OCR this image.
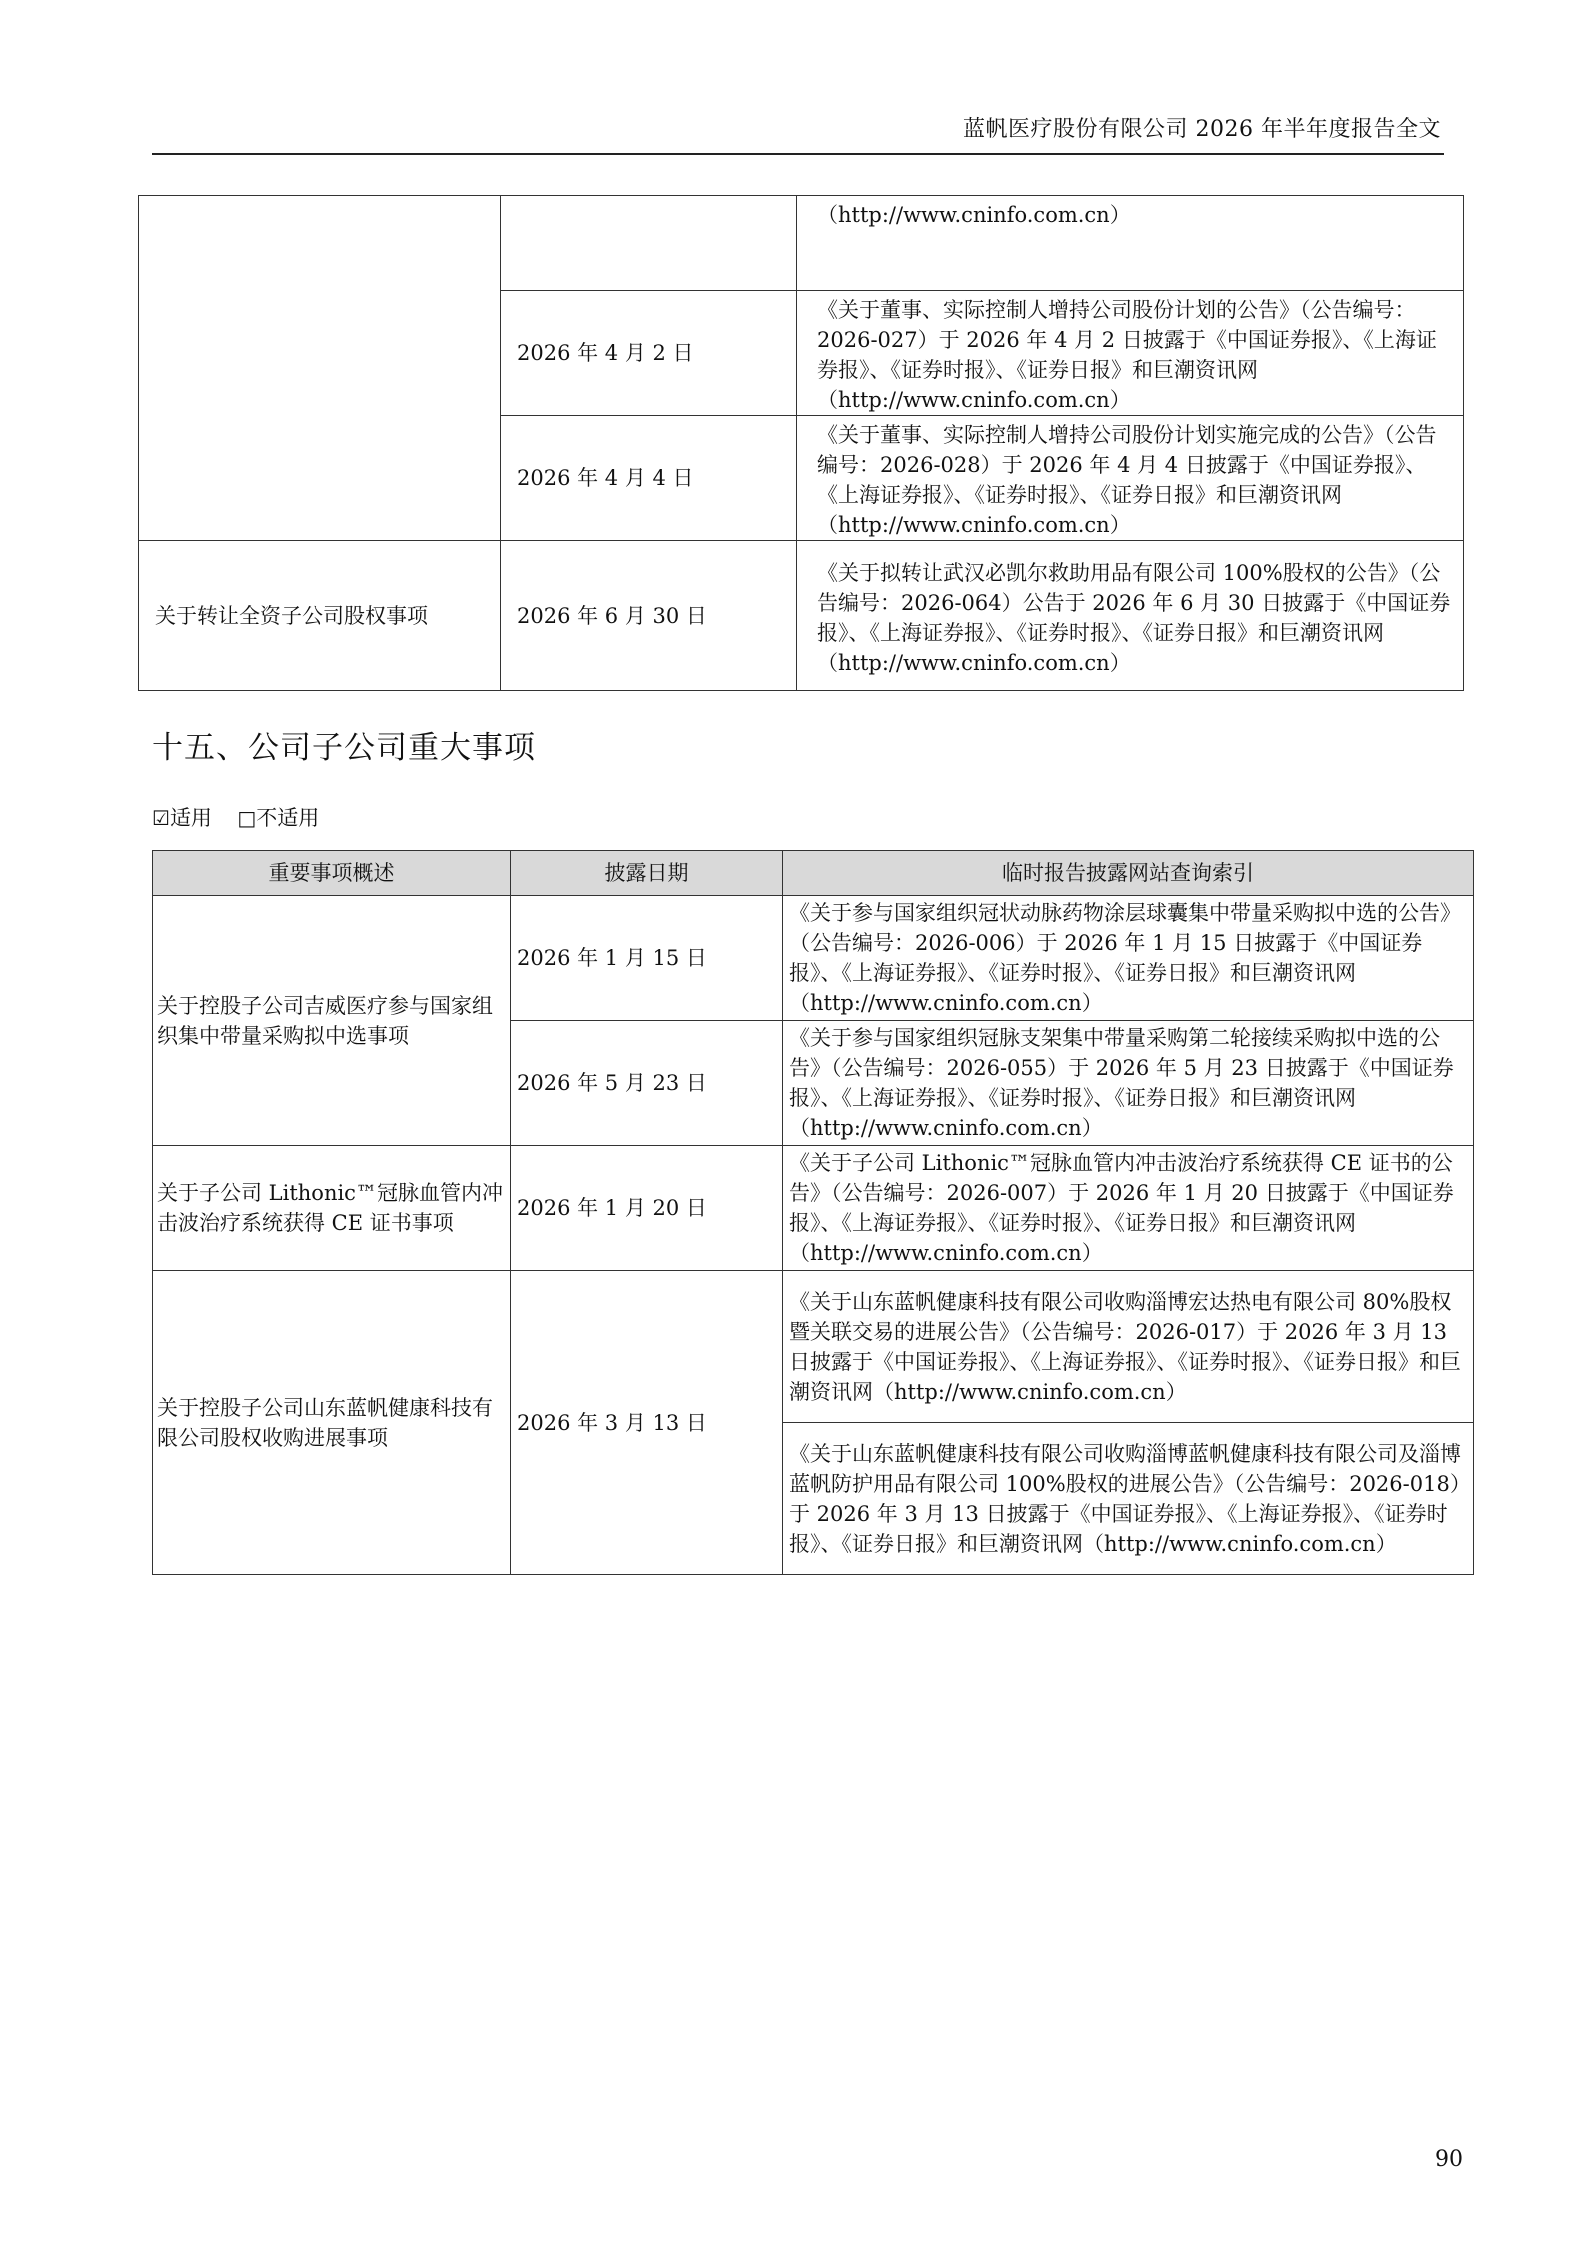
蓝帆医疗股份有限公司 2026 年半年度报告全文
		（http://www.cninfo.com.cn）
	2026 年 4 月 2 日	《关于董事、实际控制人增持公司股份计划的公告》（公告编号：2026-027）于 2026 年 4 月 2 日披露于《中国证券报》、《上海证券报》、《证券时报》、《证券日报》和巨潮资讯网（http://www.cninfo.com.cn）
	2026 年 4 月 4 日	《关于董事、实际控制人增持公司股份计划实施完成的公告》（公告编号：2026-028）于 2026 年 4 月 4 日披露于《中国证券报》、《上海证券报》、《证券时报》、《证券日报》和巨潮资讯网（http://www.cninfo.com.cn）
关于转让全资子公司股权事项	2026 年 6 月 30 日	《关于拟转让武汉必凯尔救助用品有限公司 100%股权的公告》（公告编号：2026-064）公告于 2026 年 6 月 30 日披露于《中国证券报》、《上海证券报》、《证券时报》、《证券日报》和巨潮资讯网（http://www.cninfo.com.cn）
十五、公司子公司重大事项
☑适用 □不适用
重要事项概述	披露日期	临时报告披露网站查询索引
关于控股子公司吉威医疗参与国家组织集中带量采购拟中选事项	2026 年 1 月 15 日	《关于参与国家组织冠状动脉药物涂层球囊集中带量采购拟中选的公告》（公告编号：2026-006）于 2026 年 1 月 15 日披露于《中国证券报》、《上海证券报》、《证券时报》、《证券日报》和巨潮资讯网（http://www.cninfo.com.cn）
	2026 年 5 月 23 日	《关于参与国家组织冠脉支架集中带量采购第二轮接续采购拟中选的公告》（公告编号：2026-055）于 2026 年 5 月 23 日披露于《中国证券报》、《上海证券报》、《证券时报》、《证券日报》和巨潮资讯网（http://www.cninfo.com.cn）
关于子公司 Lithonic™冠脉血管内冲击波治疗系统获得 CE 证书事项	2026 年 1 月 20 日	《关于子公司 Lithonic™冠脉血管内冲击波治疗系统获得 CE 证书的公告》（公告编号：2026-007）于 2026 年 1 月 20 日披露于《中国证券报》、《上海证券报》、《证券时报》、《证券日报》和巨潮资讯网（http://www.cninfo.com.cn）
关于控股子公司山东蓝帆健康科技有限公司股权收购进展事项	2026 年 3 月 13 日	《关于山东蓝帆健康科技有限公司收购淄博宏达热电有限公司 80%股权暨关联交易的进展公告》（公告编号：2026-017）于 2026 年 3 月 13 日披露于《中国证券报》、《上海证券报》、《证券时报》、《证券日报》和巨潮资讯网（http://www.cninfo.com.cn）
		《关于山东蓝帆健康科技有限公司收购淄博蓝帆健康科技有限公司及淄博蓝帆防护用品有限公司 100%股权的进展公告》（公告编号：2026-018）于 2026 年 3 月 13 日披露于《中国证券报》、《上海证券报》、《证券时报》、《证券日报》和巨潮资讯网（http://www.cninfo.com.cn）
90
